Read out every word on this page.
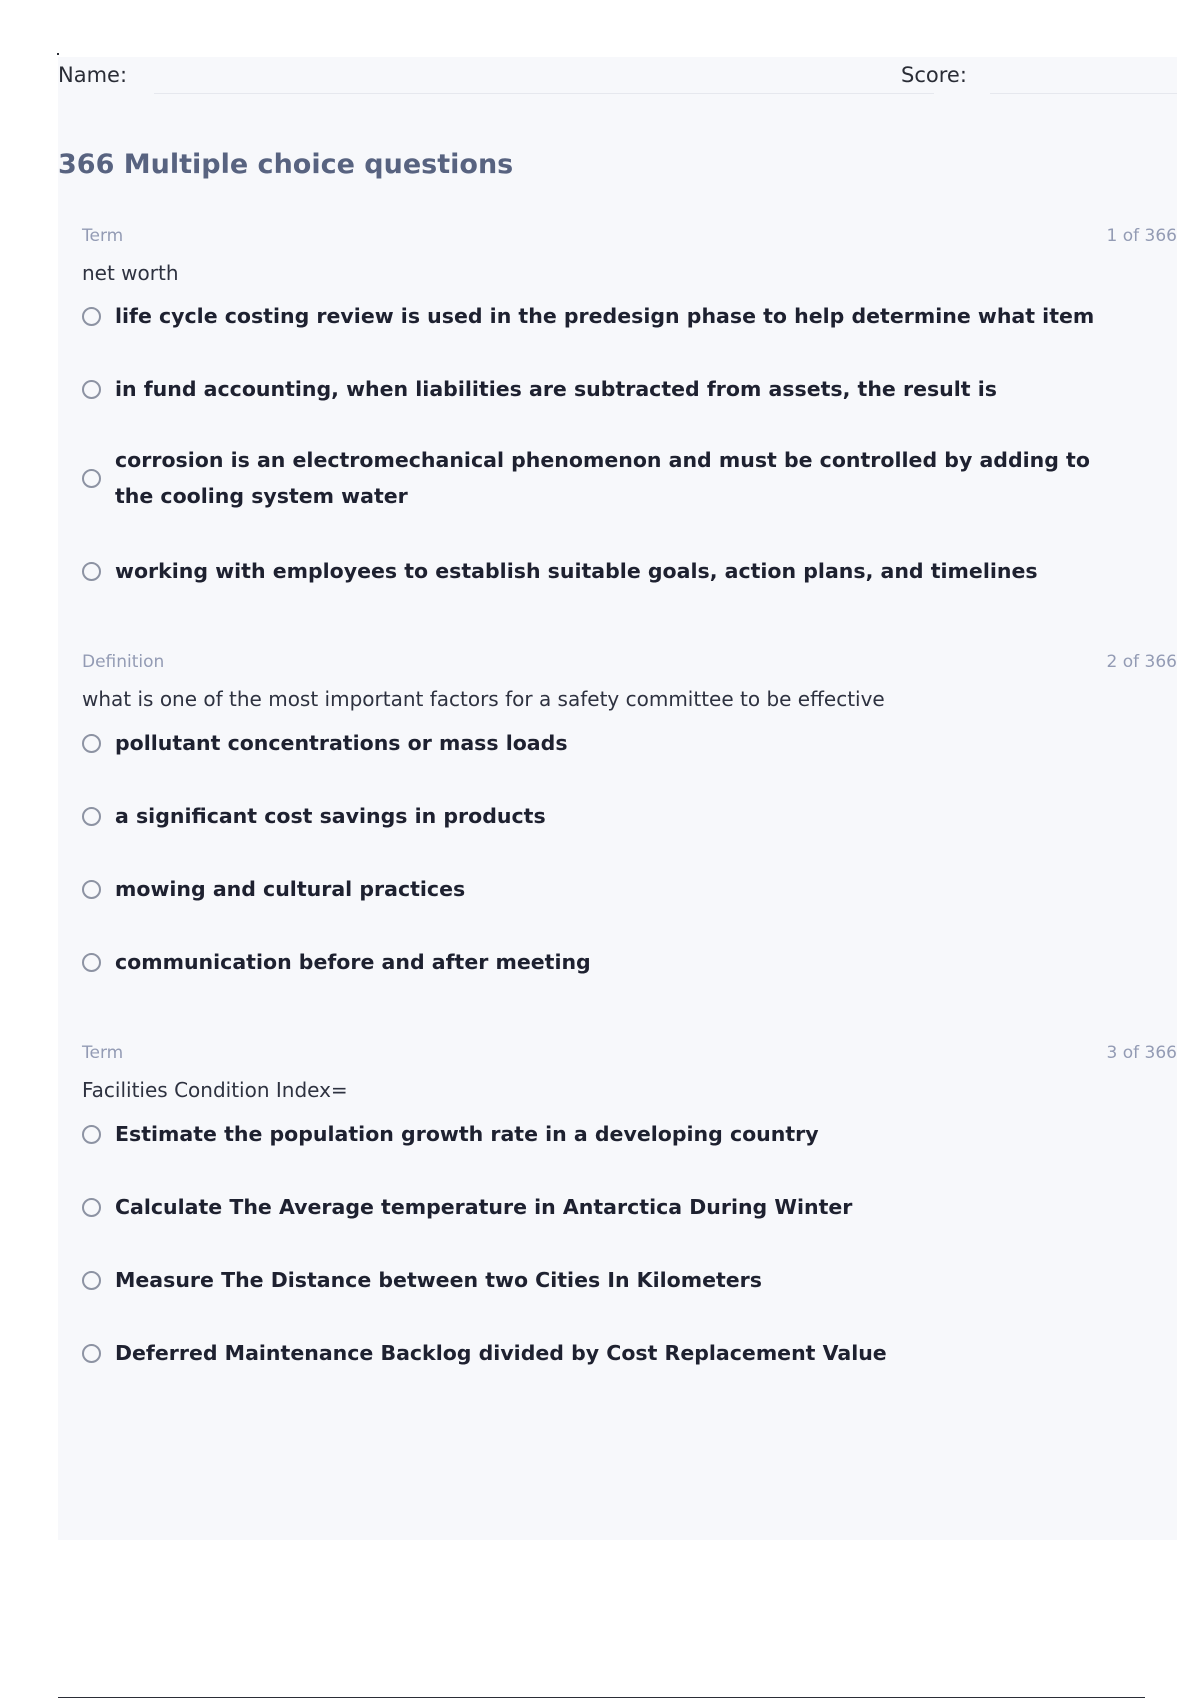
Name:	Score:
366 Multiple choice questions
Term	1 of 366
net worth
life cycle costing review is used in the predesign phase to help determine what item
in fund accounting, when liabilities are subtracted from assets, the result is
corrosion is an electromechanical phenomenon and must be controlled by adding to the cooling system water
working with employees to establish suitable goals, action plans, and timelines
Definition	2 of 366
what is one of the most important factors for a safety committee to be effective
pollutant concentrations or mass loads
a significant cost savings in products
mowing and cultural practices
communication before and after meeting
Term	3 of 366
Facilities Condition Index=
Estimate the population growth rate in a developing country
Calculate The Average temperature in Antarctica During Winter
Measure The Distance between two Cities In Kilometers
Deferred Maintenance Backlog divided by Cost Replacement Value
